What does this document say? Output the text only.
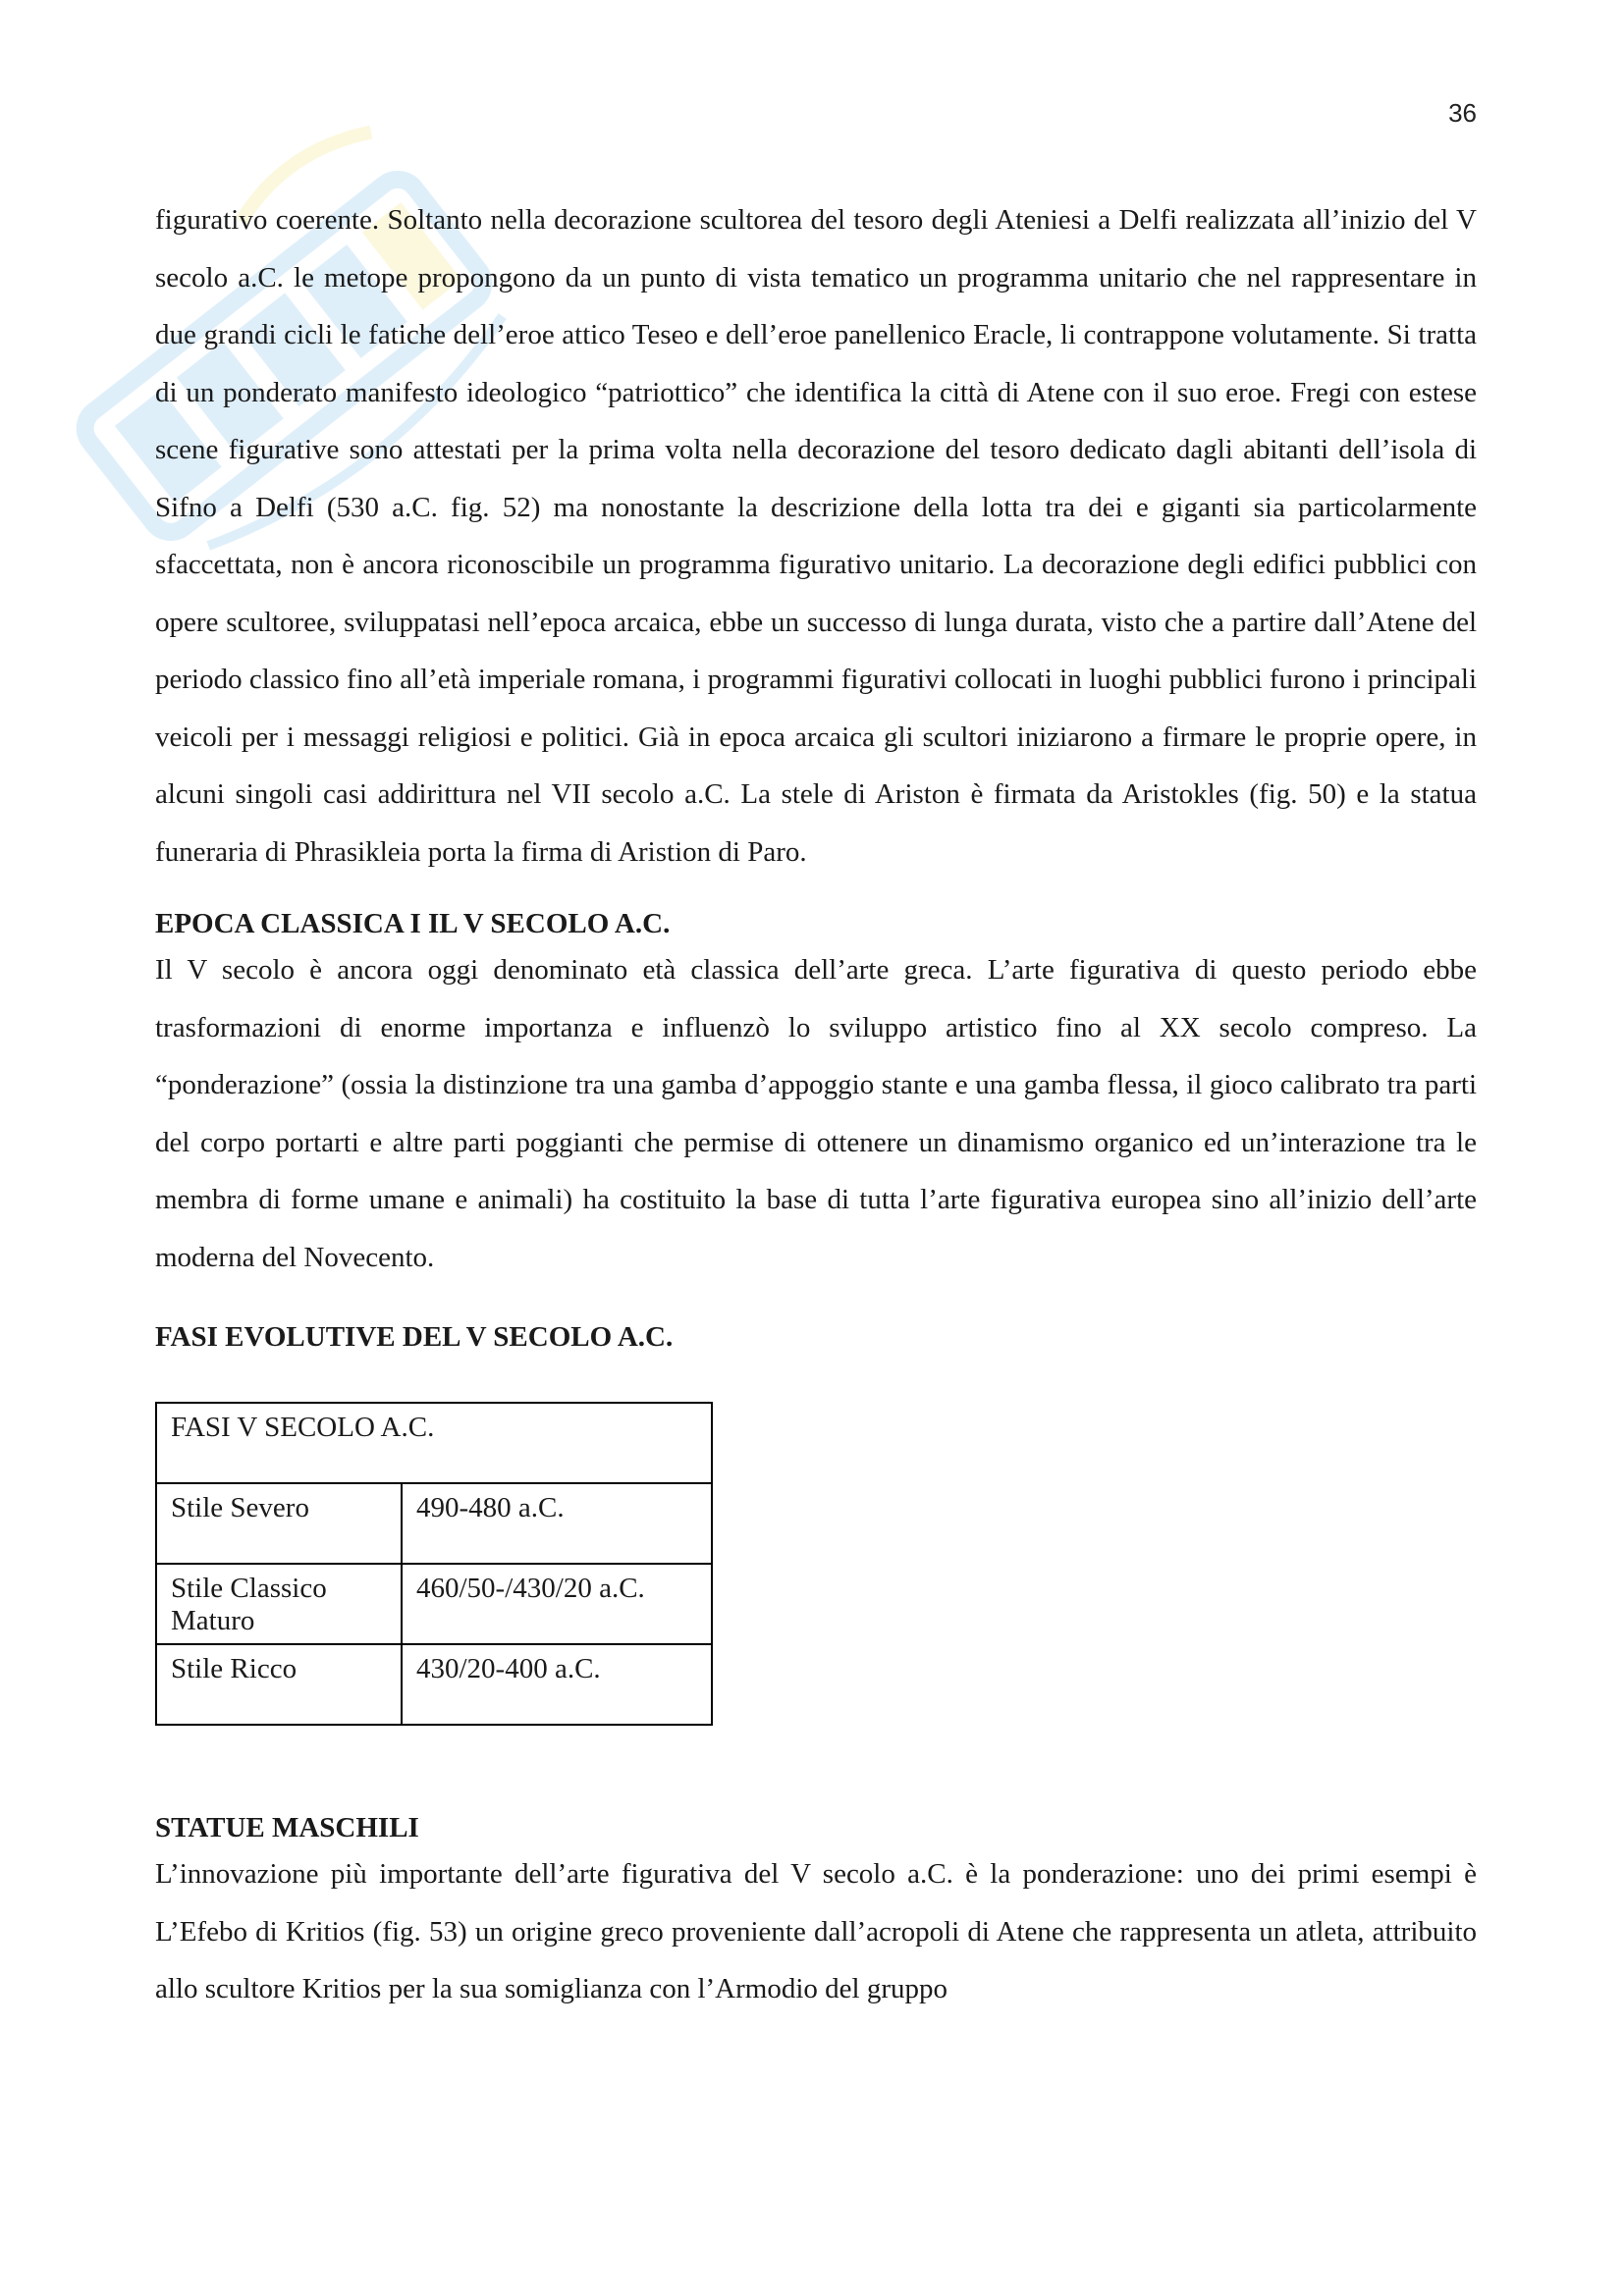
36

figurativo coerente. Soltanto nella decorazione scultorea del tesoro degli Ateniesi a Delfi realizzata all’inizio del V secolo a.C. le metope propongono da un punto di vista tematico un programma unitario che nel rappresentare in due grandi cicli le fatiche dell’eroe attico Teseo e dell’eroe panellenico Eracle, li contrappone volutamente. Si tratta di un ponderato manifesto ideologico “patriottico” che identifica la città di Atene con il suo eroe. Fregi con estese scene figurative sono attestati per la prima volta nella decorazione del tesoro dedicato dagli abitanti dell’isola di Sifno a Delfi (530 a.C. fig. 52) ma nonostante la descrizione della lotta tra dei e giganti sia particolarmente sfaccettata, non è ancora riconoscibile un programma figurativo unitario. La decorazione degli edifici pubblici con opere scultoree, sviluppatasi nell’epoca arcaica, ebbe un successo di lunga durata, visto che a partire dall’Atene del periodo classico fino all’età imperiale romana, i programmi figurativi collocati in luoghi pubblici furono i principali veicoli per i messaggi religiosi e politici. Già in epoca arcaica gli scultori iniziarono a firmare le proprie opere, in alcuni singoli casi addirittura nel VII secolo a.C. La stele di Ariston è firmata da Aristokles (fig. 50) e la statua funeraria di Phrasikleia porta la firma di Aristion di Paro.

EPOCA CLASSICA I IL V SECOLO A.C.

Il V secolo è ancora oggi denominato età classica dell’arte greca. L’arte figurativa di questo periodo ebbe trasformazioni di enorme importanza e influenzò lo sviluppo artistico fino al XX secolo compreso. La “ponderazione” (ossia la distinzione tra una gamba d’appoggio stante e una gamba flessa, il gioco calibrato tra parti del corpo portarti e altre parti poggianti che permise di ottenere un dinamismo organico ed un’interazione tra le membra di forme umane e animali) ha costituito la base di tutta l’arte figurativa europea sino all’inizio dell’arte moderna del Novecento.

FASI EVOLUTIVE DEL V SECOLO A.C.
FASI V SECOLO A.C.	
Stile Severo	490-480 a.C.
Stile Classico Maturo	460/50-/430/20 a.C.
Stile Ricco	430/20-400 a.C.
STATUE MASCHILI

L’innovazione più importante dell’arte figurativa del V secolo a.C. è la ponderazione: uno dei primi esempi è L’Efebo di Kritios (fig. 53) un origine greco proveniente dall’acropoli di Atene che rappresenta un atleta, attribuito allo scultore Kritios per la sua somiglianza con l’Armodio del gruppo
